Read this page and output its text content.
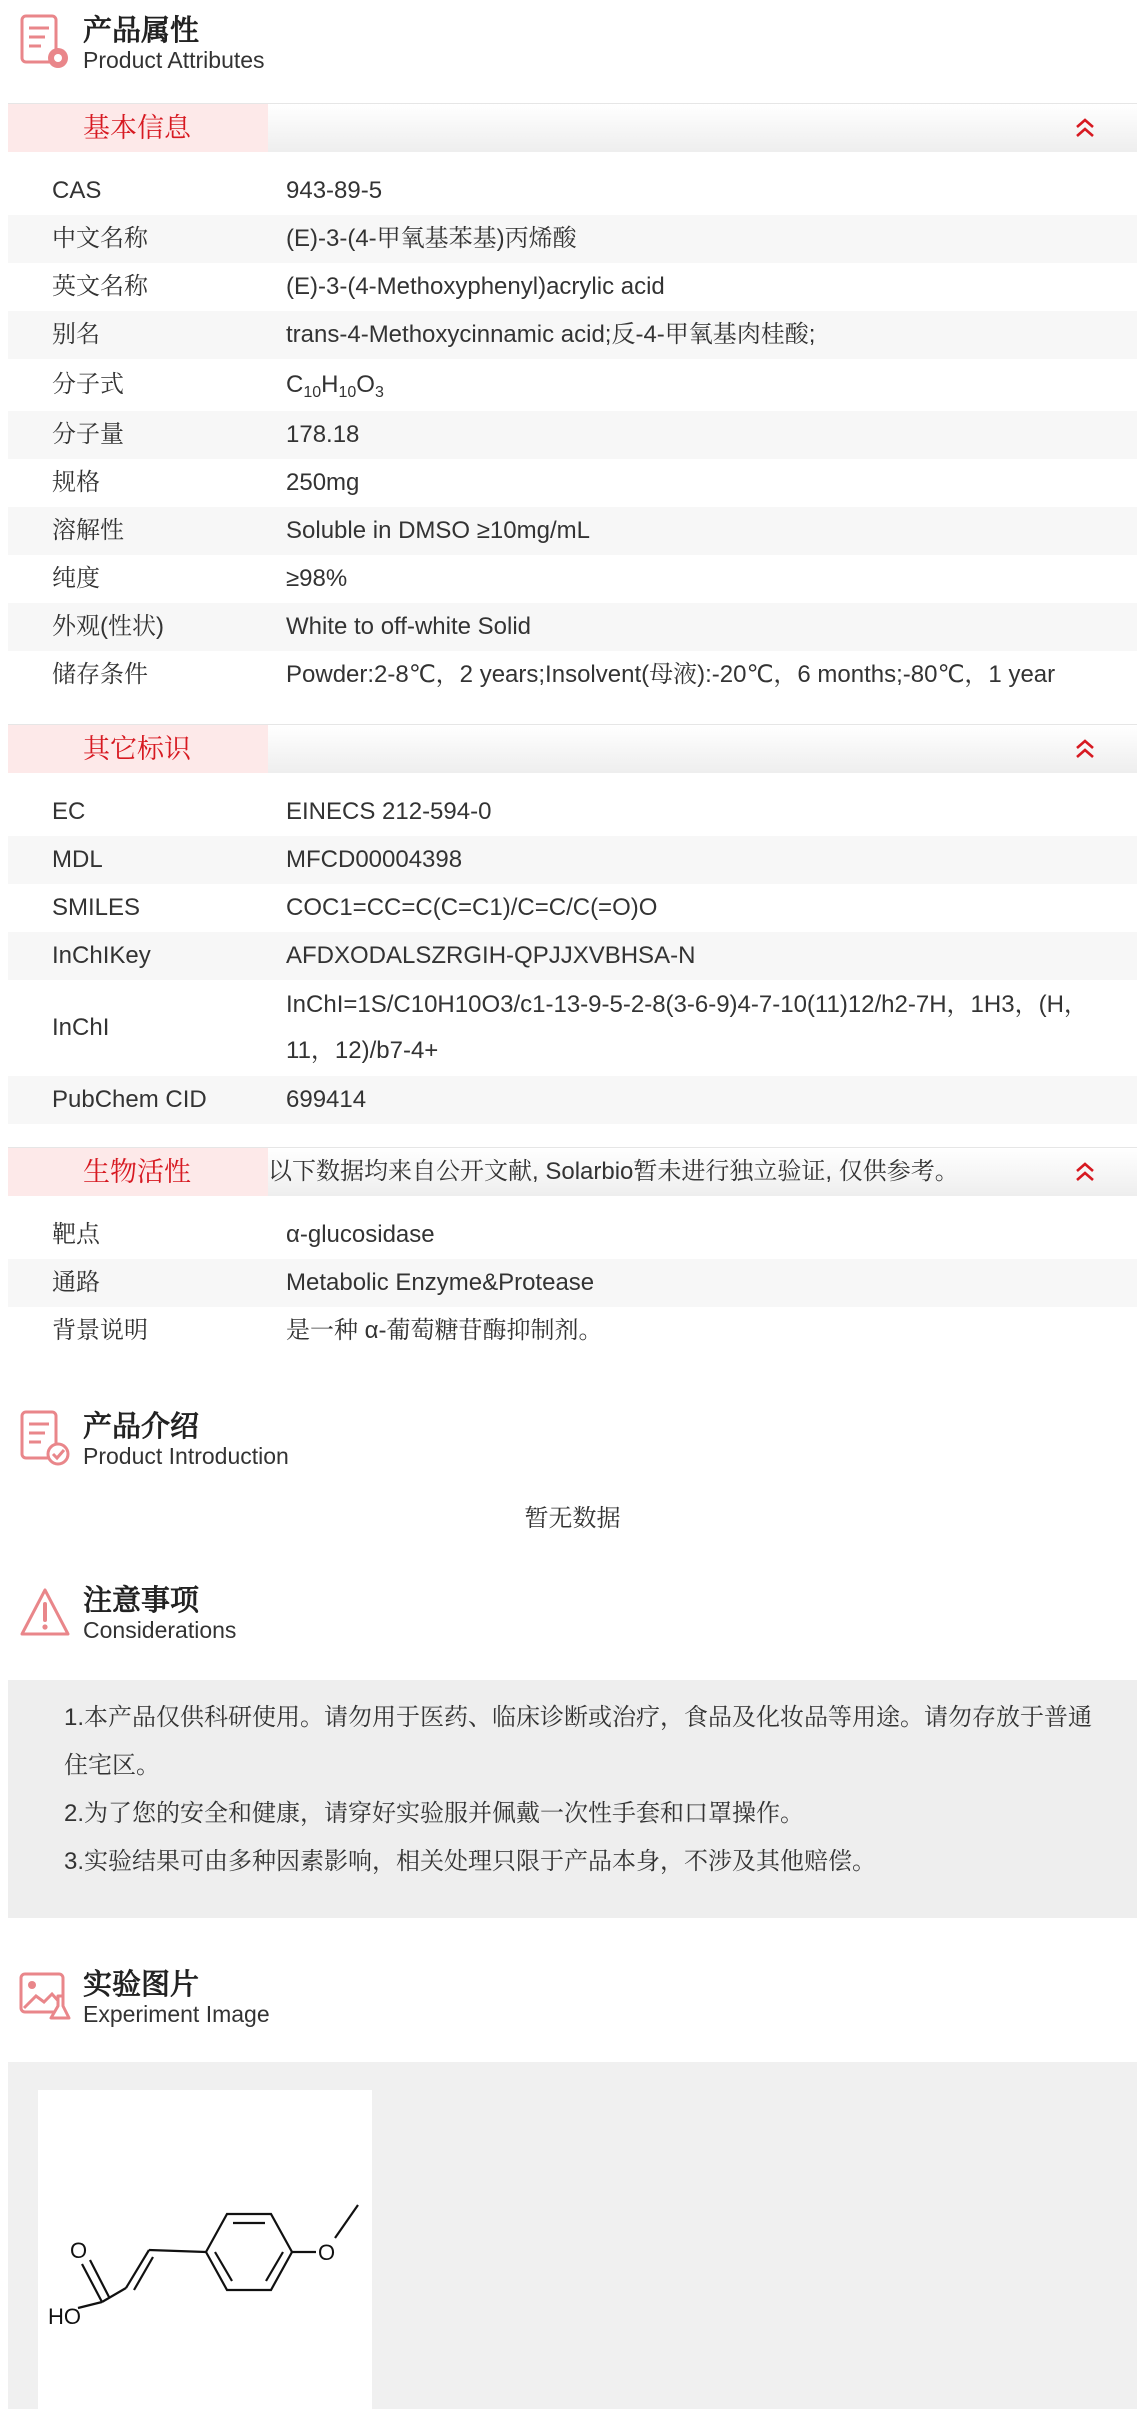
产品属性
Product Attributes
基本信息
CAS	943-89-5
中文名称	(E)-3-(4-甲氧基苯基)丙烯酸
英文名称	(E)-3-(4-Methoxyphenyl)acrylic acid
别名	trans-4-Methoxycinnamic acid;反-4-甲氧基肉桂酸;
分子式	$C_{10}H_{10}O_3$
分子量	178.18
规格	250mg
溶解性	Soluble in DMSO ≥10mg/mL
纯度	≥98%
外观(性状)	White to off-white Solid
储存条件	Powder:2-8℃，2 years;Insolvent(母液):-20℃，6 months;-80℃，1 year
其它标识
EC	EINECS 212-594-0
MDL	MFCD00004398
SMILES	COC1=CC=C(C=C1)/C=C/C(=O)O
InChIKey	AFDXODALSZRGIH-QPJJXVBHSA-N
InChI
InChI=1S/C10H10O3/c1-13-9-5-2-8(3-6-9)4-7-10(11)12/h2-7H，1H3，(H，11，12)/b7-4+
PubChem CID	699414
生物活性	以下数据均来自公开文献, Solarbio暂未进行独立验证, 仅供参考。
靶点	α-glucosidase
通路	Metabolic Enzyme&Protease
背景说明	是一种 α-葡萄糖苷酶抑制剂。
产品介绍
Product Introduction
暂无数据
注意事项
Considerations

1.本产品仅供科研使用。请勿用于医药、临床诊断或治疗，食品及化妆品等用途。请勿存放于普通住宅区。

2.为了您的安全和健康，请穿好实验服并佩戴一次性手套和口罩操作。

3.实验结果可由多种因素影响，相关处理只限于产品本身，不涉及其他赔偿。

实验图片
Experiment Image
O
HO
O
